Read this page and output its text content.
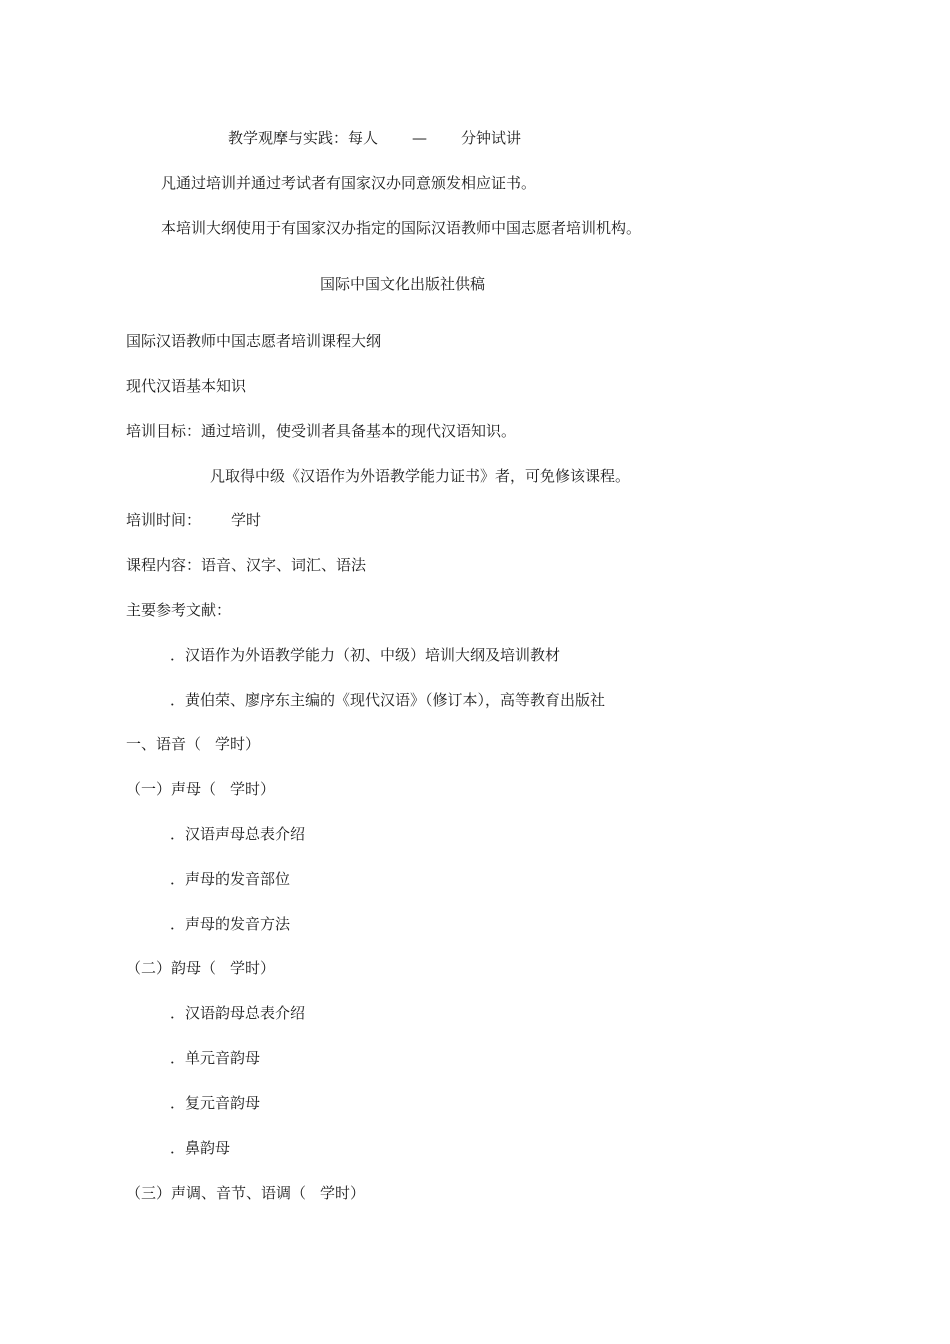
教学观摩与实践：每人 — 分钟试讲
凡通过培训并通过考试者有国家汉办同意颁发相应证书。
本培训大纲使用于有国家汉办指定的国际汉语教师中国志愿者培训机构。
国际中国文化出版社供稿
国际汉语教师中国志愿者培训课程大纲
现代汉语基本知识
培训目标：通过培训，使受训者具备基本的现代汉语知识。
凡取得中级《汉语作为外语教学能力证书》者，可免修该课程。
培训时间： 学时
课程内容：语音、汉字、词汇、语法
主要参考文献：
．汉语作为外语教学能力（初、中级）培训大纲及培训教材
．黄伯荣、廖序东主编的《现代汉语》（修订本），高等教育出版社
一、语音（ 学时）
（一）声母（ 学时）
．汉语声母总表介绍
．声母的发音部位
．声母的发音方法
（二）韵母（ 学时）
．汉语韵母总表介绍
．单元音韵母
．复元音韵母
．鼻韵母
（三）声调、音节、语调（ 学时）
